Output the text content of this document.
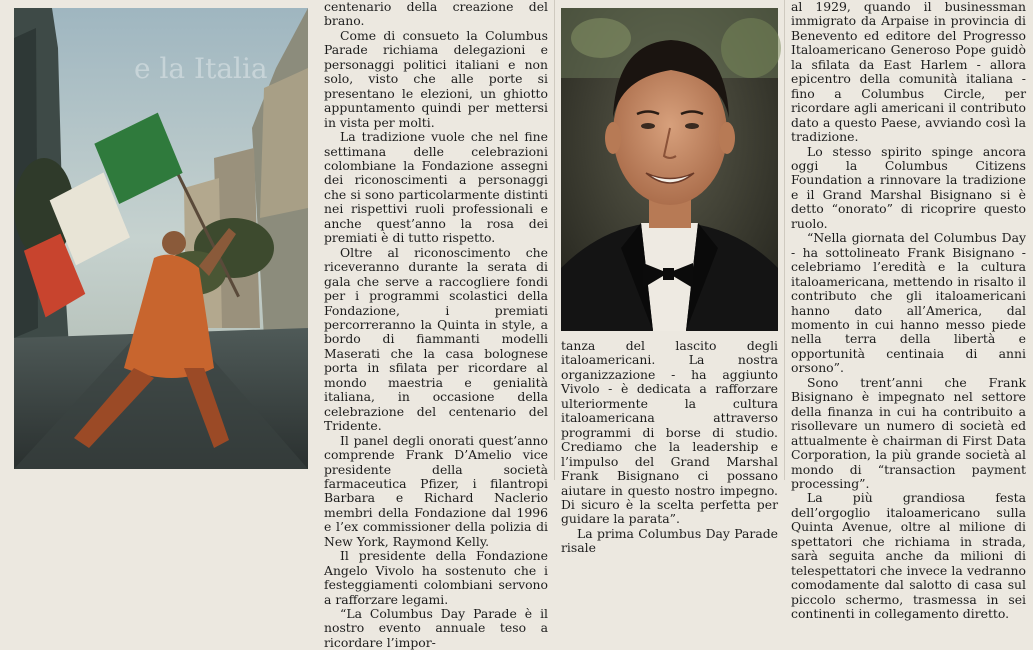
e la Italia

centenario della creazione del brano.

Come di consueto la Columbus Parade richiama delegazioni e personaggi politici italiani e non solo, visto che alle porte si presentano le elezioni, un ghiotto appuntamento quindi per mettersi in vista per molti.

La tradizione vuole che nel fine settimana delle celebrazioni colombiane la Fondazione assegni dei riconoscimenti a personaggi che si sono particolarmente distinti nei rispettivi ruoli professionali e anche quest’anno la rosa dei premiati è di tutto rispetto.

Oltre al riconoscimento che riceveranno durante la serata di gala che serve a raccogliere fondi per i programmi scolastici della Fondazione, i premiati percorreranno la Quinta in style, a bordo di fiammanti modelli Maserati che la casa bolognese porta in sfilata per ricordare al mondo maestria e genialità italiana, in occasione della celebrazione del centenario del Tridente.

Il panel degli onorati quest’anno comprende Frank D’Amelio vice presidente della società farmaceutica Pfizer, i filantropi Barbara e Richard Naclerio membri della Fondazione dal 1996 e l’ex commissioner della polizia di New York, Raymond Kelly.

Il presidente della Fondazione Angelo Vivolo ha sostenuto che i festeggiamenti colombiani servono a rafforzare legami.

“La Columbus Day Parade è il nostro evento annuale teso a ricordare l’impor-

tanza del lascito degli italoamericani. La nostra organizzazione - ha aggiunto Vivolo - è dedicata a rafforzare ulteriormente la cultura italoamericana attraverso programmi di borse di studio. Crediamo che la leadership e l’impulso del Grand Marshal Frank Bisignano ci possano aiutare in questo nostro impegno. Di sicuro è la scelta perfetta per guidare la parata”.

La prima Columbus Day Parade risale

al 1929, quando il businessman immigrato da Arpaise in provincia di Benevento ed editore del Progresso Italoamericano Generoso Pope guidò la sfilata da East Harlem - allora epicentro della comunità italiana - fino a Columbus Circle, per ricordare agli americani il contributo dato a questo Paese, avviando così la tradizione.

Lo stesso spirito spinge ancora oggi la Columbus Citizens Foundation a rinnovare la tradizione e il Grand Marshal Bisignano si è detto “onorato” di ricoprire questo ruolo.

“Nella giornata del Columbus Day - ha sottolineato Frank Bisignano - celebriamo l’eredità e la cultura italoamericana, mettendo in risalto il contributo che gli italoamericani hanno dato all’America, dal momento in cui hanno messo piede nella terra della libertà e opportunità centinaia di anni orsono”.

Sono trent’anni che Frank Bisignano è impegnato nel settore della finanza in cui ha contribuito a risollevare un numero di società ed attualmente è chairman di First Data Corporation, la più grande società al mondo di “transaction payment processing”.

La più grandiosa festa dell’orgoglio italoamericano sulla Quinta Avenue, oltre al milione di spettatori che richiama in strada, sarà seguita anche da milioni di telespettatori che invece la vedranno comodamente dal salotto di casa sul piccolo schermo, trasmessa in sei continenti in collegamento diretto.
